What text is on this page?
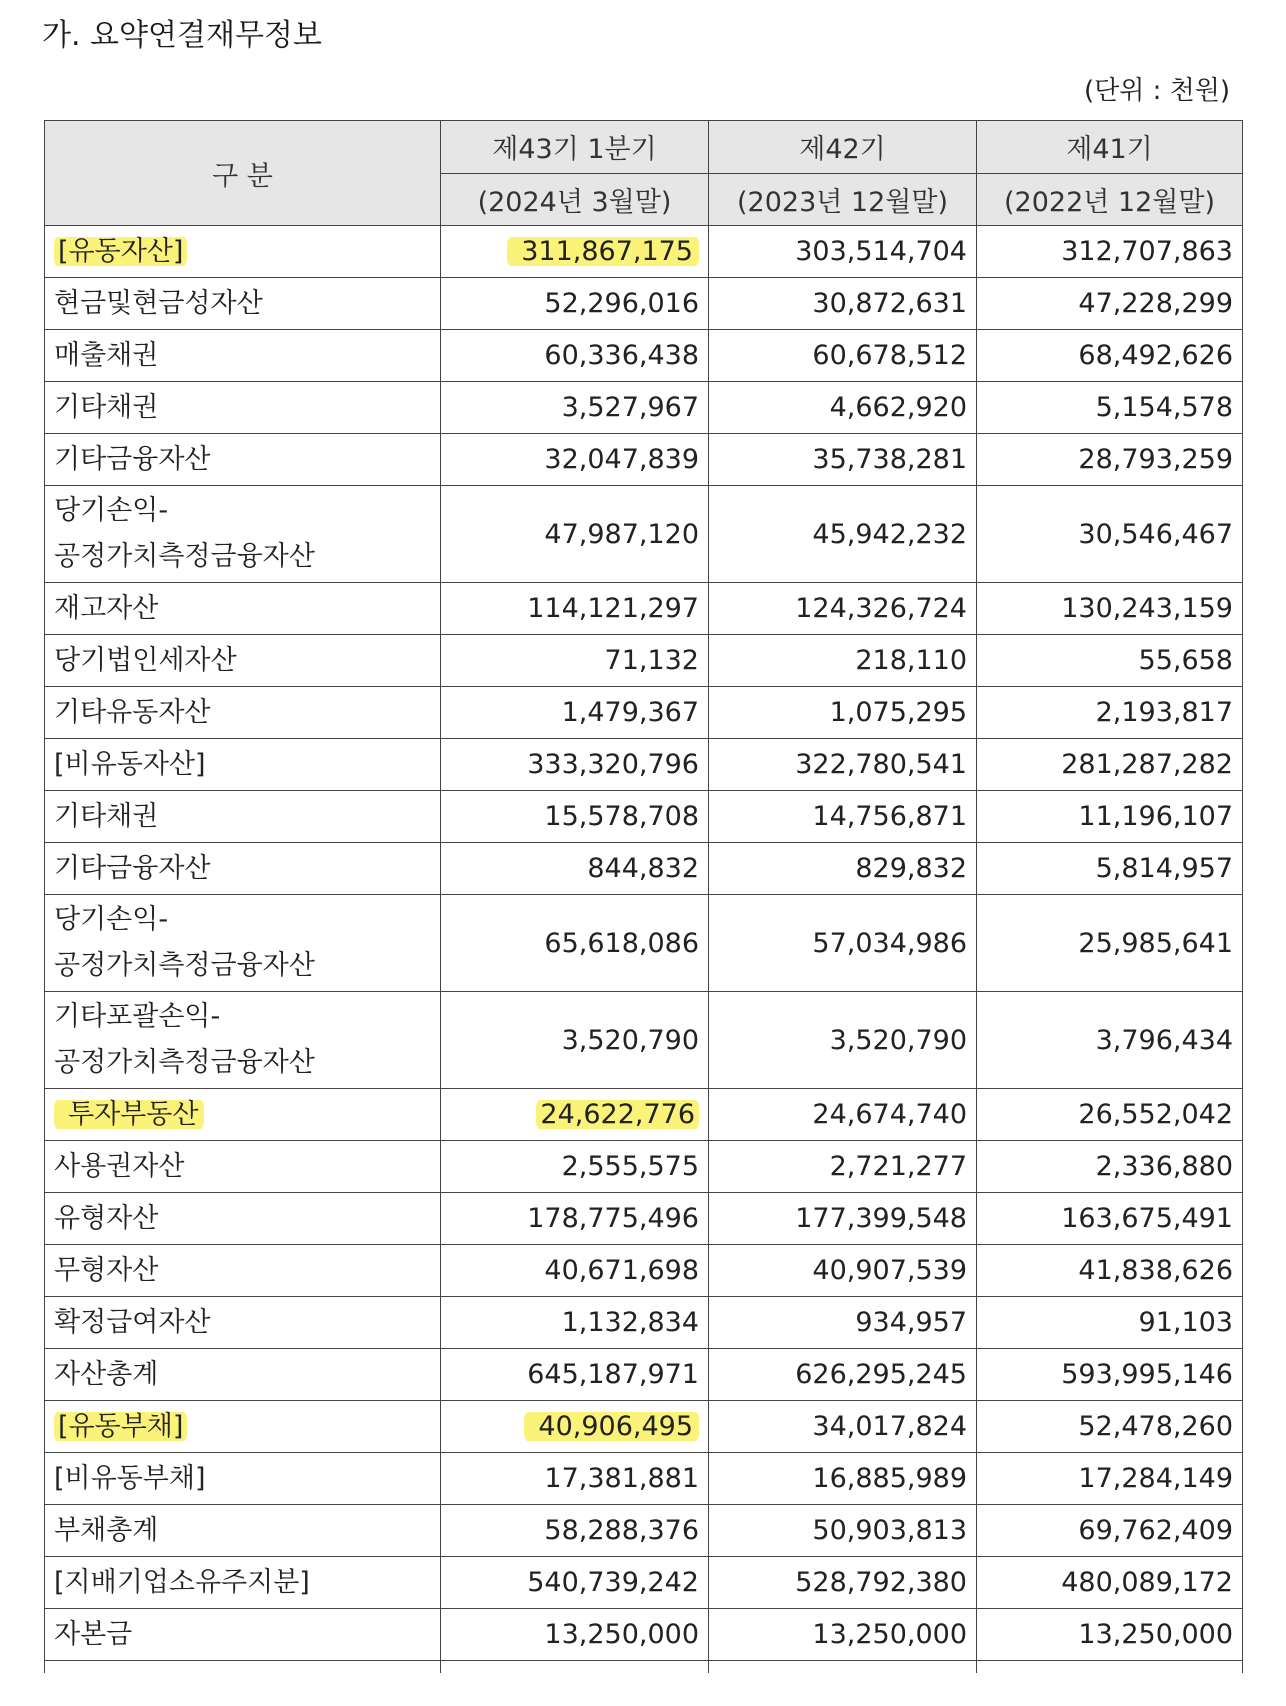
가. 요약연결재무정보
(단위 : 천원)
구 분	제43기 1분기	제42기	제41기
	(2024년 3월말)	(2023년 12월말)	(2022년 12월말)
[유동자산]	311,867,175	303,514,704	312,707,863
현금및현금성자산	52,296,016	30,872,631	47,228,299
매출채권	60,336,438	60,678,512	68,492,626
기타채권	3,527,967	4,662,920	5,154,578
기타금융자산	32,047,839	35,738,281	28,793,259
당기손익-
공정가치측정금융자산	47,987,120	45,942,232	30,546,467
재고자산	114,121,297	124,326,724	130,243,159
당기법인세자산	71,132	218,110	55,658
기타유동자산	1,479,367	1,075,295	2,193,817
[비유동자산]	333,320,796	322,780,541	281,287,282
기타채권	15,578,708	14,756,871	11,196,107
기타금융자산	844,832	829,832	5,814,957
당기손익-
공정가치측정금융자산	65,618,086	57,034,986	25,985,641
기타포괄손익-
공정가치측정금융자산	3,520,790	3,520,790	3,796,434
투자부동산	24,622,776	24,674,740	26,552,042
사용권자산	2,555,575	2,721,277	2,336,880
유형자산	178,775,496	177,399,548	163,675,491
무형자산	40,671,698	40,907,539	41,838,626
확정급여자산	1,132,834	934,957	91,103
자산총계	645,187,971	626,295,245	593,995,146
[유동부채]	40,906,495	34,017,824	52,478,260
[비유동부채]	17,381,881	16,885,989	17,284,149
부채총계	58,288,376	50,903,813	69,762,409
[지배기업소유주지분]	540,739,242	528,792,380	480,089,172
자본금	13,250,000	13,250,000	13,250,000
